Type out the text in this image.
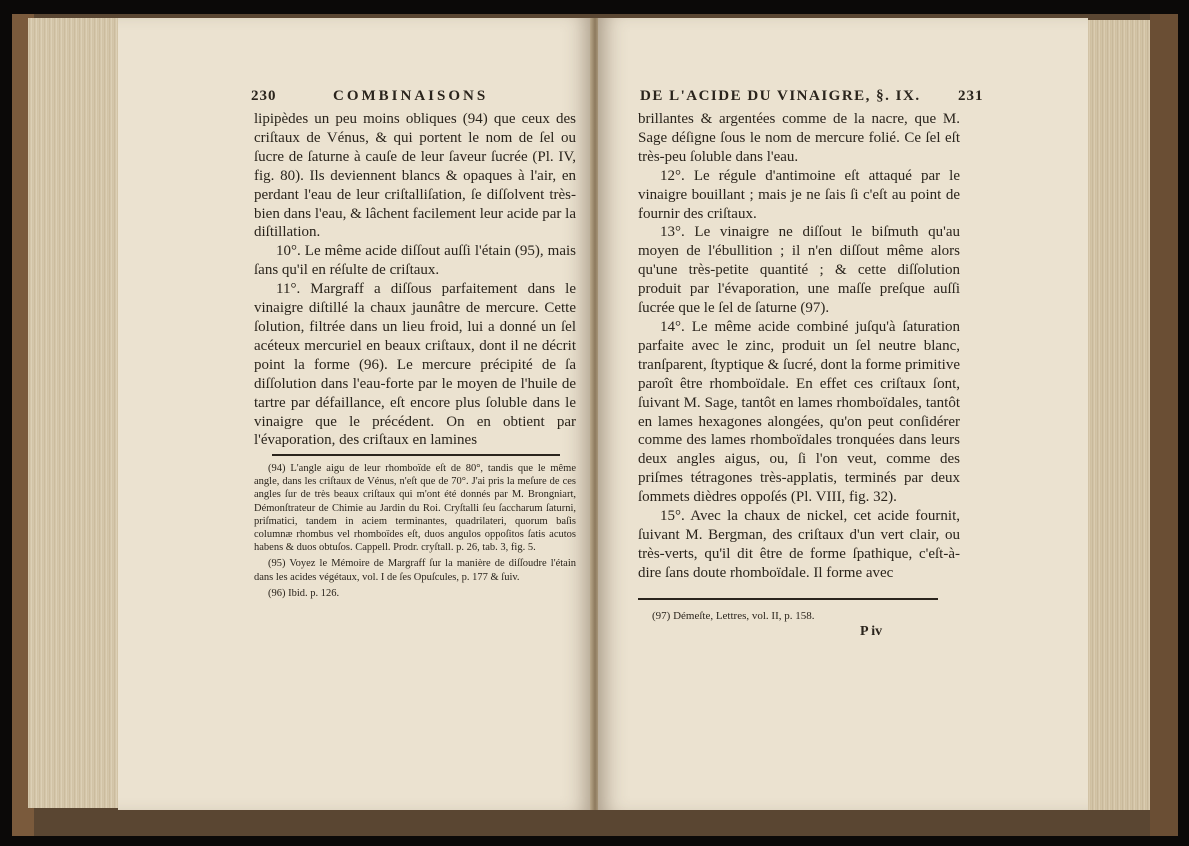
230	COMBINAISONS

lipipèdes un peu moins obliques (94) que ceux des criſtaux de Vénus, & qui portent le nom de ſel ou ſucre de ſaturne à cauſe de leur ſaveur ſucrée (Pl. IV, fig. 80). Ils deviennent blancs & opaques à l'air, en perdant l'eau de leur criſtalliſation, ſe diſſolvent très-bien dans l'eau, & lâchent facilement leur acide par la diſtillation.

10°. Le même acide diſſout auſſi l'étain (95), mais ſans qu'il en réſulte de criſtaux.

11°. Margraff a diſſous parfaitement dans le vinaigre diſtillé la chaux jaunâtre de mercure. Cette ſolution, filtrée dans un lieu froid, lui a donné un ſel acéteux mercuriel en beaux criſtaux, dont il ne décrit point la forme (96). Le mercure précipité de ſa diſſolution dans l'eau-forte par le moyen de l'huile de tartre par défaillance, eſt encore plus ſoluble dans le vinaigre que le précédent. On en obtient par l'évaporation, des criſtaux en lamines

(94) L'angle aigu de leur rhomboïde eſt de 80°, tandis que le même angle, dans les criſtaux de Vénus, n'eſt que de 70°. J'ai pris la meſure de ces angles ſur de très beaux criſtaux qui m'ont été donnés par M. Brongniart, Démonſtrateur de Chimie au Jardin du Roi. Cryſtalli ſeu ſaccharum ſaturni, priſmatici, tandem in aciem terminantes, quadrilateri, quorum baſis columnæ rhombus vel rhomboïdes eſt, duos angulos oppoſitos ſatis acutos habens & duos obtuſos. Cappell. Prodr. cryſtall. p. 26, tab. 3, fig. 5.

(95) Voyez le Mémoire de Margraff ſur la manière de diſſoudre l'étain dans les acides végétaux, vol. I de ſes Opuſcules, p. 177 & ſuiv.

(96) Ibid. p. 126.

DE L'ACIDE DU VINAIGRE, §. IX. 231

brillantes & argentées comme de la nacre, que M. Sage déſigne ſous le nom de mercure folié. Ce ſel eſt très-peu ſoluble dans l'eau.

12°. Le régule d'antimoine eſt attaqué par le vinaigre bouillant ; mais je ne ſais ſi c'eſt au point de fournir des criſtaux.

13°. Le vinaigre ne diſſout le biſmuth qu'au moyen de l'ébullition ; il n'en diſſout même alors qu'une très-petite quantité ; & cette diſſolution produit par l'évaporation, une maſſe preſque auſſi ſucrée que le ſel de ſaturne (97).

14°. Le même acide combiné juſqu'à ſaturation parfaite avec le zinc, produit un ſel neutre blanc, tranſparent, ſtyptique & ſucré, dont la forme primitive paroît être rhomboïdale. En effet ces criſtaux ſont, ſuivant M. Sage, tantôt en lames rhomboïdales, tantôt en lames hexagones alongées, qu'on peut conſidérer comme des lames rhomboïdales tronquées dans leurs deux angles aigus, ou, ſi l'on veut, comme des priſmes tétragones très-applatis, terminés par deux ſommets dièdres oppoſés (Pl. VIII, fig. 32).

15°. Avec la chaux de nickel, cet acide fournit, ſuivant M. Bergman, des criſtaux d'un vert clair, ou très-verts, qu'il dit être de forme ſpathique, c'eſt-à-dire ſans doute rhomboïdale. Il forme avec

(97) Démeſte, Lettres, vol. II, p. 158.

P iv
